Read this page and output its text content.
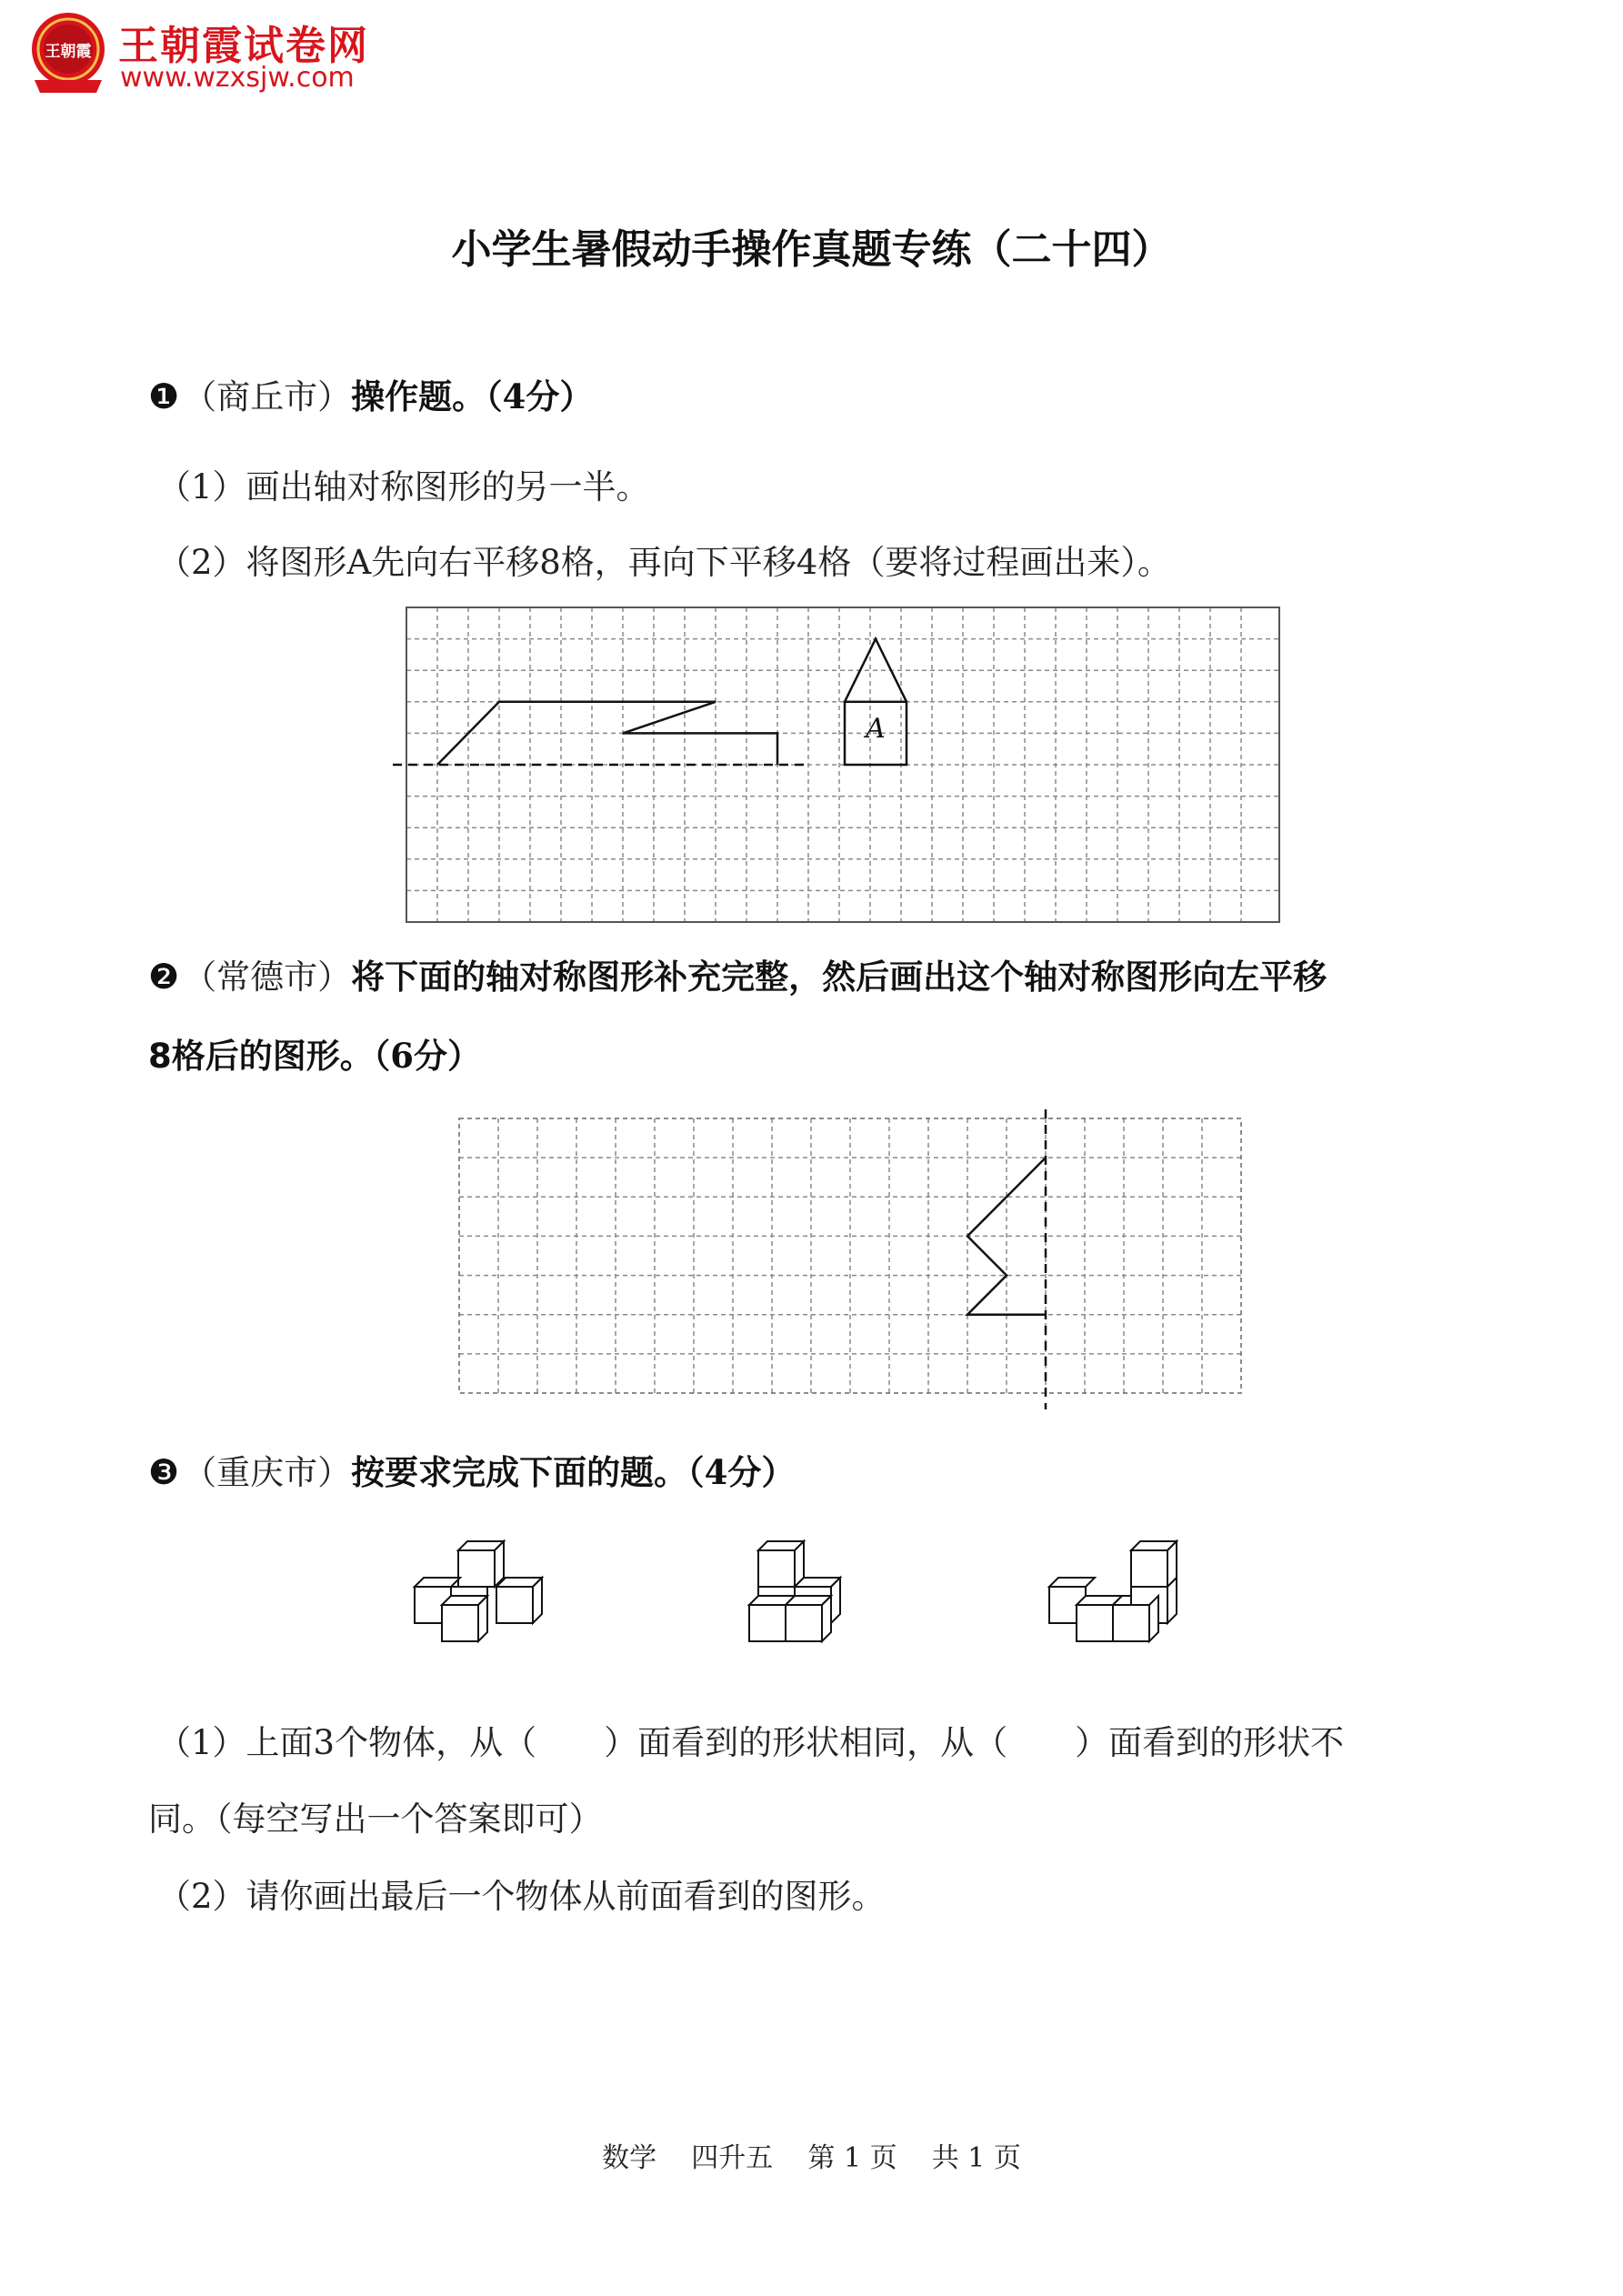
王朝霞 王朝霞试卷网
www.wzxsjw.com
小学生暑假动手操作真题专练（二十四）
❶ （商丘市）操作题。（4分）
（1）画出轴对称图形的另一半。
（2）将图形A先向右平移8格，再向下平移4格（要将过程画出来）。
A
❷ （常德市）将下面的轴对称图形补充完整，然后画出这个轴对称图形向左平移
8格后的图形。（6分）
❸ （重庆市）按要求完成下面的题。（4分）
（1）上面3个物体，从（　　）面看到的形状相同，从（　　）面看到的形状不
同。（每空写出一个答案即可）
（2）请你画出最后一个物体从前面看到的图形。
数学 四升五 第 1 页 共 1 页
